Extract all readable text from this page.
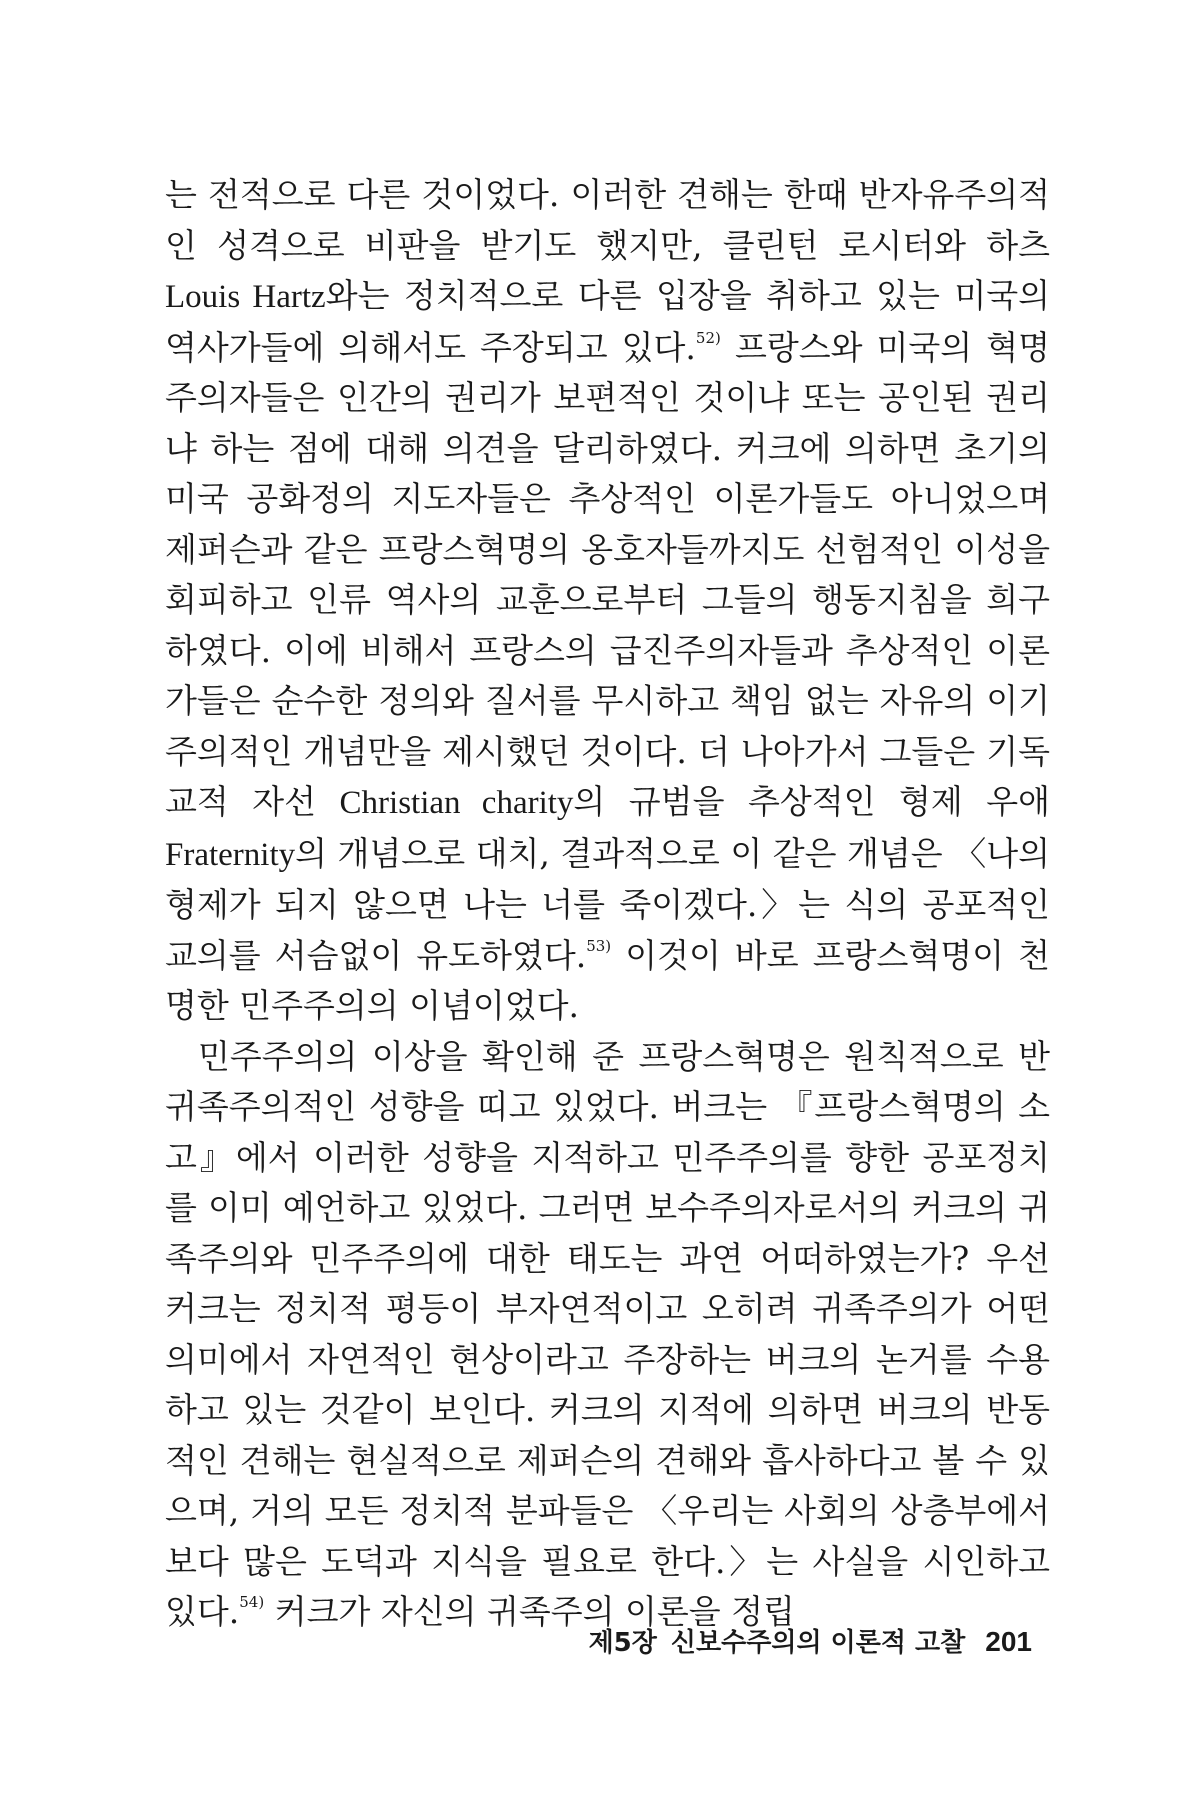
는 전적으로 다른 것이었다. 이러한 견해는 한때 반자유주의적인 성격으로 비판을 받기도 했지만, 클린턴 로시터와 하츠 Louis Hartz와는 정치적으로 다른 입장을 취하고 있는 미국의 역사가들에 의해서도 주장되고 있다.$^{52)}$ 프랑스와 미국의 혁명주의자들은 인간의 권리가 보편적인 것이냐 또는 공인된 권리냐 하는 점에 대해 의견을 달리하였다. 커크에 의하면 초기의 미국 공화정의 지도자들은 추상적인 이론가들도 아니었으며 제퍼슨과 같은 프랑스혁명의 옹호자들까지도 선험적인 이성을 회피하고 인류 역사의 교훈으로부터 그들의 행동지침을 희구하였다. 이에 비해서 프랑스의 급진주의자들과 추상적인 이론가들은 순수한 정의와 질서를 무시하고 책임 없는 자유의 이기주의적인 개념만을 제시했던 것이다. 더 나아가서 그들은 기독교적 자선 Christian charity의 규범을 추상적인 형제 우애 Fraternity의 개념으로 대치, 결과적으로 이 같은 개념은 〈나의 형제가 되지 않으면 나는 너를 죽이겠다.〉는 식의 공포적인 교의를 서슴없이 유도하였다.$^{53)}$ 이것이 바로 프랑스혁명이 천명한 민주주의의 이념이었다.

민주주의의 이상을 확인해 준 프랑스혁명은 원칙적으로 반귀족주의적인 성향을 띠고 있었다. 버크는 『프랑스혁명의 소고』에서 이러한 성향을 지적하고 민주주의를 향한 공포정치를 이미 예언하고 있었다. 그러면 보수주의자로서의 커크의 귀족주의와 민주주의에 대한 태도는 과연 어떠하였는가? 우선 커크는 정치적 평등이 부자연적이고 오히려 귀족주의가 어떤 의미에서 자연적인 현상이라고 주장하는 버크의 논거를 수용하고 있는 것같이 보인다. 커크의 지적에 의하면 버크의 반동적인 견해는 현실적으로 제퍼슨의 견해와 흡사하다고 볼 수 있으며, 거의 모든 정치적 분파들은 〈우리는 사회의 상층부에서 보다 많은 도덕과 지식을 필요로 한다.〉는 사실을 시인하고 있다.$^{54)}$ 커크가 자신의 귀족주의 이론을 정립

제5장 신보수주의의 이론적 고찰 201
